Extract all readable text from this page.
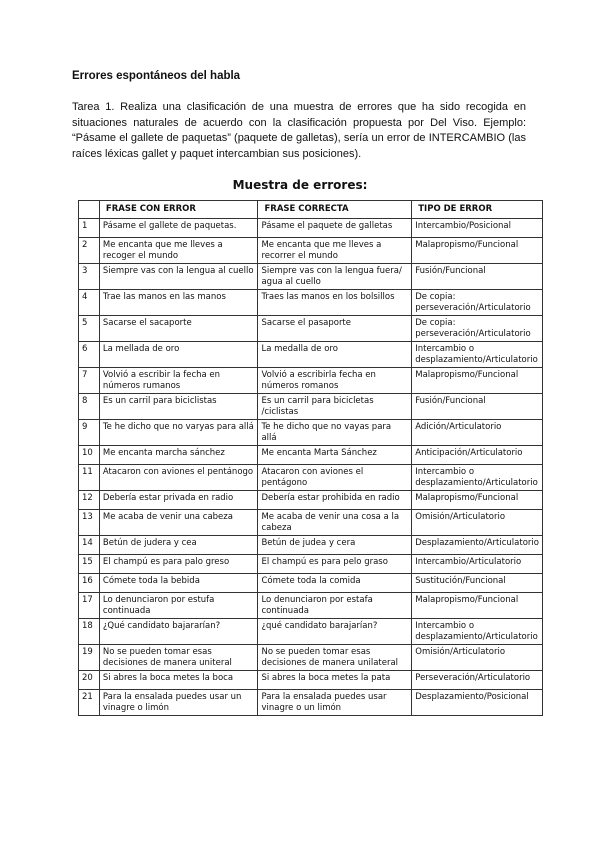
Errores espontáneos del habla

Tarea 1. Realiza una clasificación de una muestra de errores que ha sido recogida en situaciones naturales de acuerdo con la clasificación propuesta por Del Viso. Ejemplo: “Pásame el gallete de paquetas” (paquete de galletas), sería un error de INTERCAMBIO (las raíces léxicas gallet y paquet intercambian sus posiciones).

Muestra de errores:

	FRASE CON ERROR	FRASE CORRECTA	TIPO DE ERROR
1	Pásame el gallete de paquetas.	Pásame el paquete de galletas	Intercambio/Posicional
2	Me encanta que me lleves a recoger el mundo	Me encanta que me lleves a recorrer el mundo	Malapropismo/Funcional
3	Siempre vas con la lengua al cuello	Siempre vas con la lengua fuera/ agua al cuello	Fusión/Funcional
4	Trae las manos en las manos	Traes las manos en los bolsillos	De copia: perseveración/Articulatorio
5	Sacarse el sacaporte	Sacarse el pasaporte	De copia: perseveración/Articulatorio
6	La mellada de oro	La medalla de oro	Intercambio o desplazamiento/Articulatorio
7	Volvió a escribir la fecha en números rumanos	Volvió a escribirla fecha en números romanos	Malapropismo/Funcional
8	Es un carril para biciclistas	Es un carril para bicicletas /ciclistas	Fusión/Funcional
9	Te he dicho que no varyas para allá	Te he dicho que no vayas para allá	Adición/Articulatorio
10	Me encanta marcha sánchez	Me encanta Marta Sánchez	Anticipación/Articulatorio
11	Atacaron con aviones el pentánogo	Atacaron con aviones el pentágono	Intercambio o desplazamiento/Articulatorio
12	Debería estar privada en radio	Debería estar prohibida en radio	Malapropismo/Funcional
13	Me acaba de venir una cabeza	Me acaba de venir una cosa a la cabeza	Omisión/Articulatorio
14	Betún de judera y cea	Betún de judea y cera	Desplazamiento/Articulatorio
15	El champú es para palo greso	El champú es para pelo graso	Intercambio/Articulatorio
16	Cómete toda la bebida	Cómete toda la comida	Sustitución/Funcional
17	Lo denunciaron por estufa continuada	Lo denunciaron por estafa continuada	Malapropismo/Funcional
18	¿Qué candidato bajararían?	¿qué candidato barajarían?	Intercambio o desplazamiento/Articulatorio
19	No se pueden tomar esas decisiones de manera uniteral	No se pueden tomar esas decisiones de manera unilateral	Omisión/Articulatorio
20	Si abres la boca metes la boca	Si abres la boca metes la pata	Perseveración/Articulatorio
21	Para la ensalada puedes usar un vinagre o limón	Para la ensalada puedes usar vinagre o un limón	Desplazamiento/Posicional
